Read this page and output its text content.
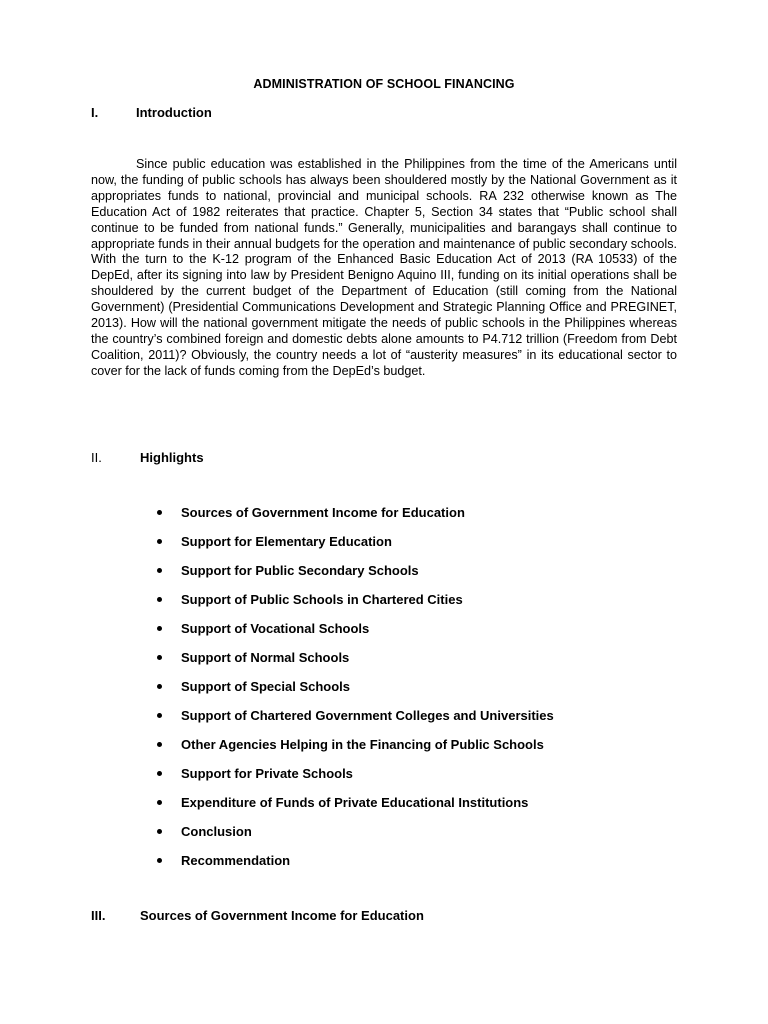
ADMINISTRATION OF SCHOOL FINANCING
I.	Introduction

Since public education was established in the Philippines from the time of the Americans until now, the funding of public schools has always been shouldered mostly by the National Government as it appropriates funds to national, provincial and municipal schools. RA 232 otherwise known as The Education Act of 1982 reiterates that practice. Chapter 5, Section 34 states that “Public school shall continue to be funded from national funds.” Generally, municipalities and barangays shall continue to appropriate funds in their annual budgets for the operation and maintenance of public secondary schools. With the turn to the K-12 program of the Enhanced Basic Education Act of 2013 (RA 10533) of the DepEd, after its signing into law by President Benigno Aquino III, funding on its initial operations shall be shouldered by the current budget of the Department of Education (still coming from the National Government) (Presidential Communications Development and Strategic Planning Office and PREGINET, 2013). How will the national government mitigate the needs of public schools in the Philippines whereas the country’s combined foreign and domestic debts alone amounts to P4.712 trillion (Freedom from Debt Coalition, 2011)? Obviously, the country needs a lot of “austerity measures” in its educational sector to cover for the lack of funds coming from the DepEd’s budget.

II.	Highlights
Sources of Government Income for Education
Support for Elementary Education
Support for Public Secondary Schools
Support of Public Schools in Chartered Cities
Support of Vocational Schools
Support of Normal Schools
Support of Special Schools
Support of Chartered Government Colleges and Universities
Other Agencies Helping in the Financing of Public Schools
Support for Private Schools
Expenditure of Funds of Private Educational Institutions
Conclusion
Recommendation
III.	Sources of Government Income for Education
